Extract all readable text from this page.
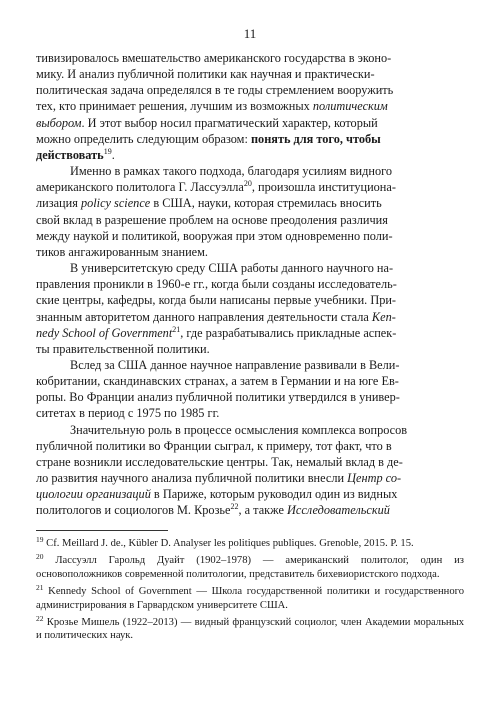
11

тивизировалось вмешательство американского государства в эконо-

мику. И анализ публичной политики как научная и практически-

политическая задача определялся в те годы стремлением вооружить

тех, кто принимает решения, лучшим из возможных политическим

выбором. И этот выбор носил прагматический характер, который

можно определить следующим образом: понять для того, чтобы

действовать$^{19}$.

Именно в рамках такого подхода, благодаря усилиям видного

американского политолога Г. Лассуэлла$^{20}$, произошла институциона-

лизация policy science в США, науки, которая стремилась вносить

свой вклад в разрешение проблем на основе преодоления различия

между наукой и политикой, вооружая при этом одновременно поли-

тиков ангажированным знанием.

В университетскую среду США работы данного научного на-

правления проникли в 1960-е гг., когда были созданы исследователь-

ские центры, кафедры, когда были написаны первые учебники. При-

знанным авторитетом данного направления деятельности стала Ken-

nedy School of Government$^{21}$, где разрабатывались прикладные аспек-

ты правительственной политики.

Вслед за США данное научное направление развивали в Вели-

кобритании, скандинавских странах, а затем в Германии и на юге Ев-

ропы. Во Франции анализ публичной политики утвердился в универ-

ситетах в период с 1975 по 1985 гг.

Значительную роль в процессе осмысления комплекса вопросов

публичной политики во Франции сыграл, к примеру, тот факт, что в

стране возникли исследовательские центры. Так, немалый вклад в де-

ло развития научного анализа публичной политики внесли Центр со-

циологии организаций в Париже, которым руководил один из видных

политологов и социологов М. Крозье$^{22}$, а также Исследовательский

$^{19}$ Cf. Meillard J. de., Kübler D. Analyser les politiques publiques. Grenoble, 2015. P. 15.

$^{20}$ Лассуэлл Гарольд Дуайт (1902–1978) — американский политолог, один из основоположников современной политологии, представитель бихевиористского подхода.

$^{21}$ Kennedy School of Government — Школа государственной политики и государственного администрирования в Гарвардском университете США.

$^{22}$ Крозье Мишель (1922–2013) — видный французский социолог, член Академии моральных и политических наук.
